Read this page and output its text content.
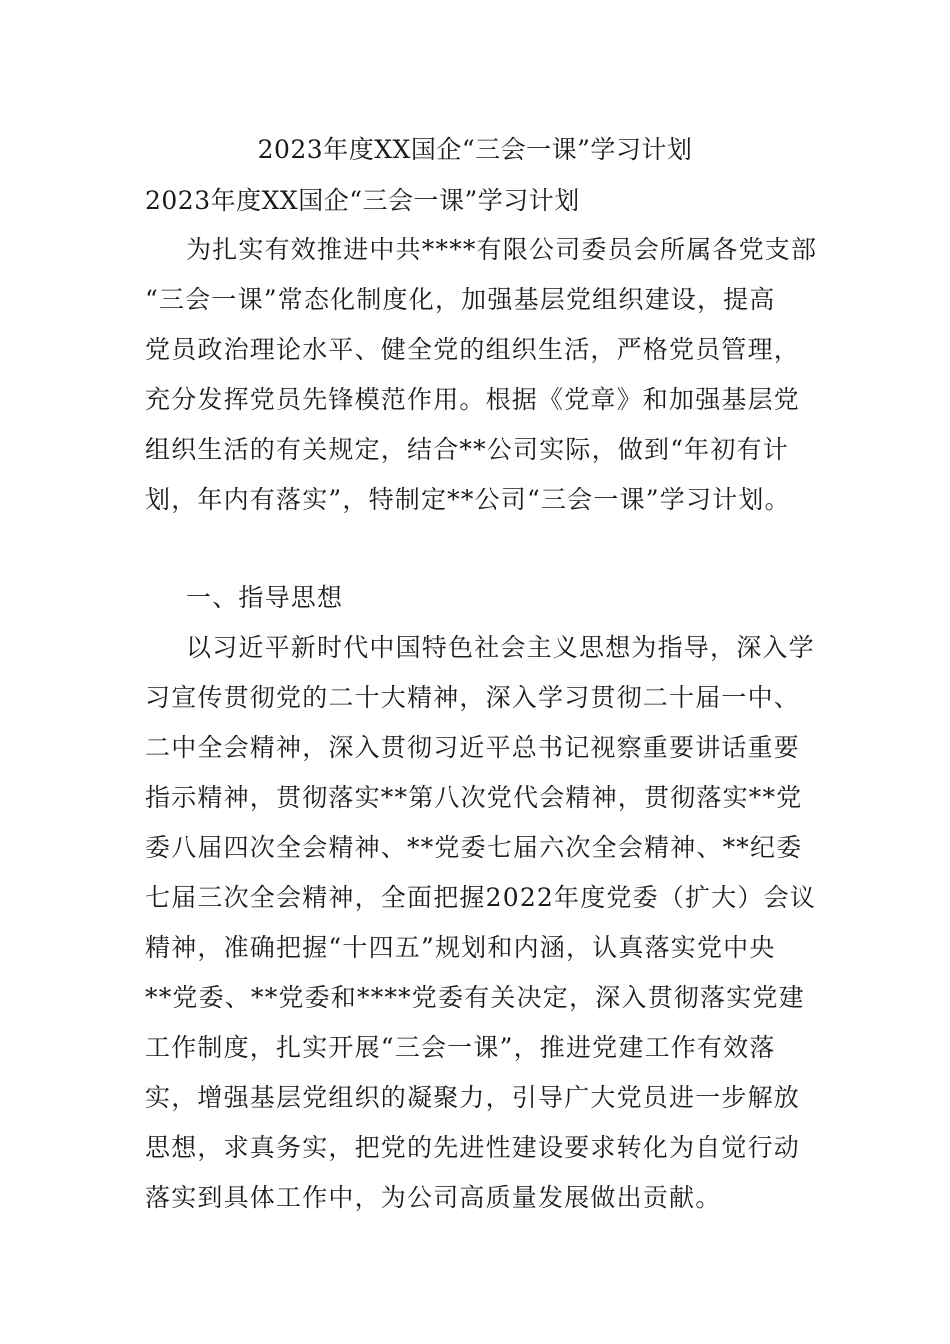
2023年度XX国企“三会一课”学习计划
2023年度XX国企“三会一课”学习计划
为扎实有效推进中共****有限公司委员会所属各党支部
“三会一课”常态化制度化，加强基层党组织建设，提高
党员政治理论水平、健全党的组织生活，严格党员管理，
充分发挥党员先锋模范作用。根据《党章》和加强基层党
组织生活的有关规定，结合**公司实际，做到“年初有计
划，年内有落实”，特制定**公司“三会一课”学习计划。
一、指导思想
以习近平新时代中国特色社会主义思想为指导，深入学
习宣传贯彻党的二十大精神，深入学习贯彻二十届一中、
二中全会精神，深入贯彻习近平总书记视察重要讲话重要
指示精神，贯彻落实**第八次党代会精神，贯彻落实**党
委八届四次全会精神、**党委七届六次全会精神、**纪委
七届三次全会精神，全面把握2022年度党委（扩大）会议
精神，准确把握“十四五”规划和内涵，认真落实党中央
**党委、**党委和****党委有关决定，深入贯彻落实党建
工作制度，扎实开展“三会一课”，推进党建工作有效落
实，增强基层党组织的凝聚力，引导广大党员进一步解放
思想，求真务实，把党的先进性建设要求转化为自觉行动
落实到具体工作中，为公司高质量发展做出贡献。
